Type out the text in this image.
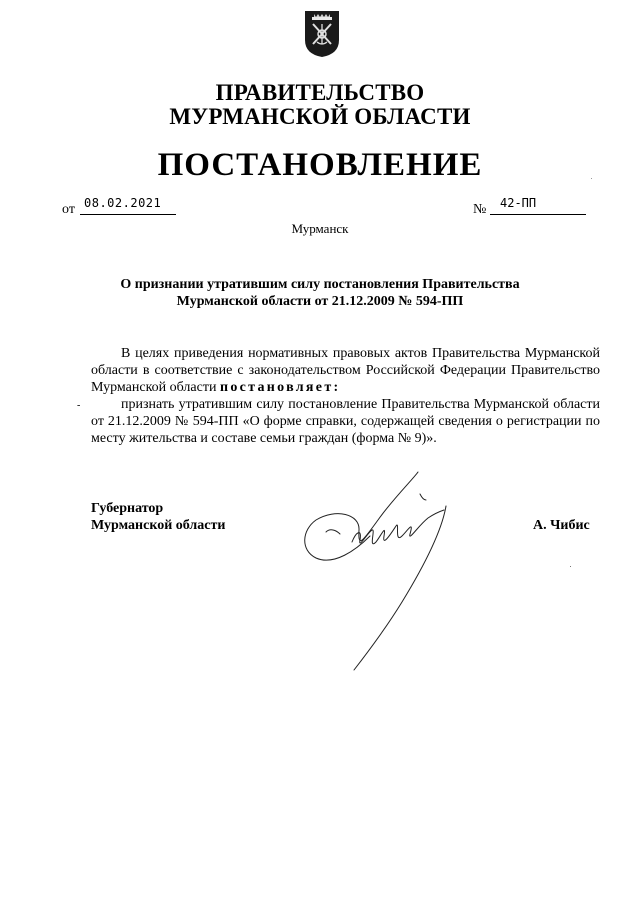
ПРАВИТЕЛЬСТВО
МУРМАНСКОЙ ОБЛАСТИ
ПОСТАНОВЛЕНИЕ
от 08.02.2021	№	42-ПП
Мурманск
О признании утратившим силу постановления Правительства
Мурманской области от 21.12.2009 № 594-ПП
В целях приведения нормативных правовых актов Правительства Мурманской области в соответствие с законодательством Российской Федерации Правительство Мурманской области постановляет:
-	признать утратившим силу постановление Правительства Мурманской области от 21.12.2009 № 594-ПП «О форме справки, содержащей сведения о регистрации по месту жительства и составе семьи граждан (форма № 9)».
Губернатор
Мурманской области	А. Чибис
